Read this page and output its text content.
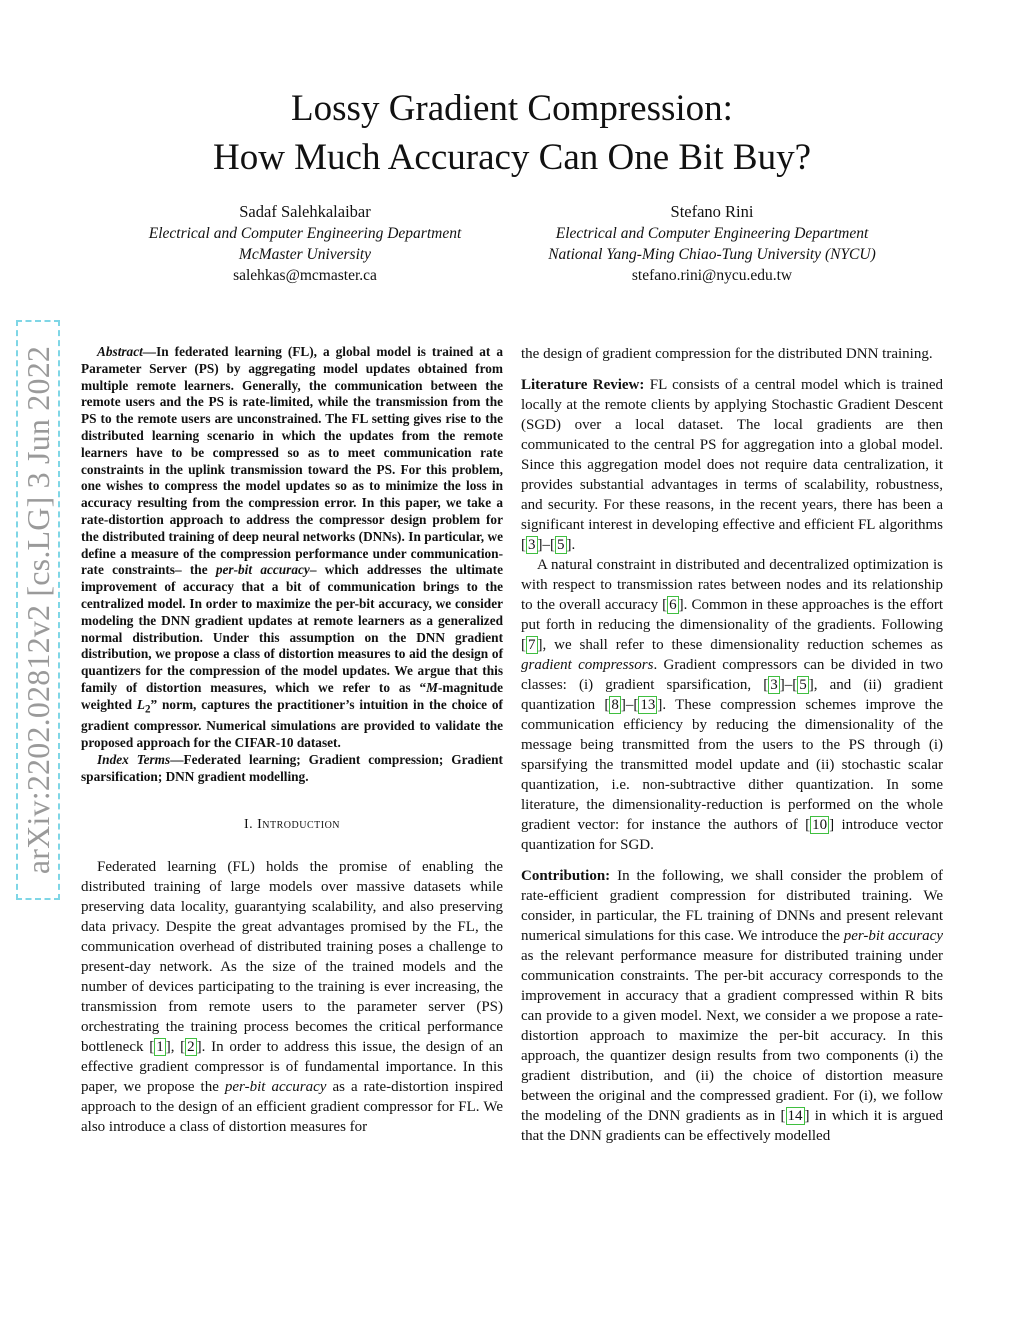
Lossy Gradient Compression:
How Much Accuracy Can One Bit Buy?
Sadaf Salehkalaibar
Electrical and Computer Engineering Department
McMaster University
salehkas@mcmaster.ca
Stefano Rini
Electrical and Computer Engineering Department
National Yang-Ming Chiao-Tung University (NYCU)
stefano.rini@nycu.edu.tw
arXiv:2202.02812v2 [cs.LG] 3 Jun 2022	Abstract—In federated learning (FL), a global model is trained at a Parameter Server (PS) by aggregating model updates obtained from multiple remote learners. Generally, the communication between the remote users and the PS is rate-limited, while the transmission from the PS to the remote users are unconstrained. The FL setting gives rise to the distributed learning scenario in which the updates from the remote learners have to be compressed so as to meet communication rate constraints in the uplink transmission toward the PS. For this problem, one wishes to compress the model updates so as to minimize the loss in accuracy resulting from the compression error. In this paper, we take a rate-distortion approach to address the compressor design problem for the distributed training of deep neural networks (DNNs). In particular, we define a measure of the compression performance under communication-rate constraints– the per-bit accuracy– which addresses the ultimate improvement of accuracy that a bit of communication brings to the centralized model. In order to maximize the per-bit accuracy, we consider modeling the DNN gradient updates at remote learners as a generalized normal distribution. Under this assumption on the DNN gradient distribution, we propose a class of distortion measures to aid the design of quantizers for the compression of the model updates. We argue that this family of distortion measures, which we refer to as “M-magnitude weighted $L_2$” norm, captures the practitioner’s intuition in the choice of gradient compressor. Numerical simulations are provided to validate the proposed approach for the CIFAR-10 dataset.

Index Terms—Federated learning; Gradient compression; Gradient sparsification; DNN gradient modelling.

I. Introduction

Federated learning (FL) holds the promise of enabling the distributed training of large models over massive datasets while preserving data locality, guarantying scalability, and also preserving data privacy. Despite the great advantages promised by the FL, the communication overhead of distributed training poses a challenge to present-day network. As the size of the trained models and the number of devices participating to the training is ever increasing, the transmission from remote users to the parameter server (PS) orchestrating the training process becomes the critical performance bottleneck [ 1 ], [ 2 ]. In order to address this issue, the design of an effective gradient compressor is of fundamental importance. In this paper, we propose the per-bit accuracy as a rate-distortion inspired approach to the design of an efficient gradient compressor for FL. We also introduce a class of distortion measures for

the design of gradient compression for the distributed DNN training.

Literature Review: FL consists of a central model which is trained locally at the remote clients by applying Stochastic Gradient Descent (SGD) over a local dataset. The local gradients are then communicated to the central PS for aggregation into a global model. Since this aggregation model does not require data centralization, it provides substantial advantages in terms of scalability, robustness, and security. For these reasons, in the recent years, there has been a significant interest in developing effective and efficient FL algorithms [ 3 ]–[ 5 ].

A natural constraint in distributed and decentralized optimization is with respect to transmission rates between nodes and its relationship to the overall accuracy [ 6 ]. Common in these approaches is the effort put forth in reducing the dimensionality of the gradients. Following [ 7 ], we shall refer to these dimensionality reduction schemes as gradient compressors. Gradient compressors can be divided in two classes: (i) gradient sparsification, [ 3 ]–[ 5 ], and (ii) gradient quantization [ 8 ]–[ 13 ]. These compression schemes improve the communication efficiency by reducing the dimensionality of the message being transmitted from the users to the PS through (i) sparsifying the transmitted model update and (ii) stochastic scalar quantization, i.e. non-subtractive dither quantization. In some literature, the dimensionality-reduction is performed on the whole gradient vector: for instance the authors of [ 10 ] introduce vector quantization for SGD.

Contribution: In the following, we shall consider the problem of rate-efficient gradient compression for distributed training. We consider, in particular, the FL training of DNNs and present relevant numerical simulations for this case. We introduce the per-bit accuracy as the relevant performance measure for distributed training under communication constraints. The per-bit accuracy corresponds to the improvement in accuracy that a gradient compressed within R bits can provide to a given model. Next, we consider a we propose a rate-distortion approach to maximize the per-bit accuracy. In this approach, the quantizer design results from two components (i) the gradient distribution, and (ii) the choice of distortion measure between the original and the compressed gradient. For (i), we follow the modeling of the DNN gradients as in [ 14 ] in which it is argued that the DNN gradients can be effectively modelled
